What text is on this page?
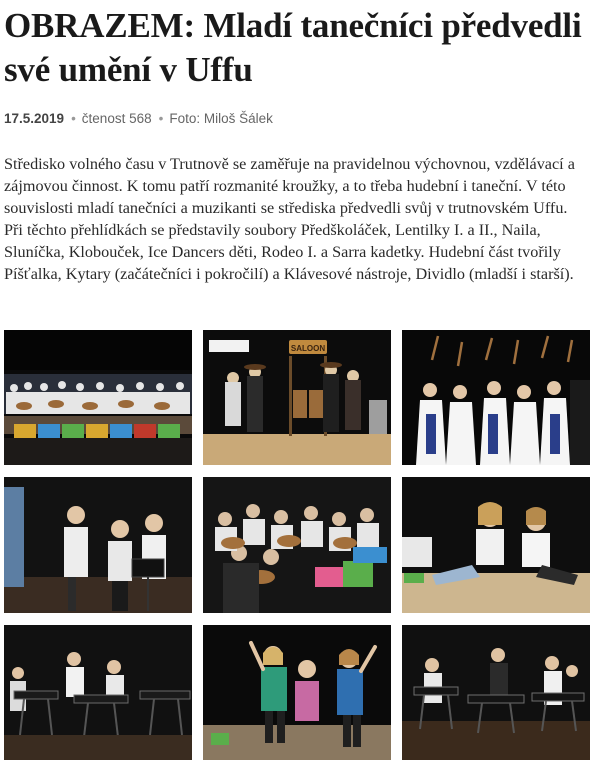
OBRAZEM: Mladí tanečníci předvedli své umění v Uffu
17.5.2019 • čtenost 568 • Foto: Miloš Šálek

Středisko volného času v Trutnově se zaměřuje na pravidelnou výchovnou, vzdělávací a zájmovou činnost. K tomu patří rozmanité kroužky, a to třeba hudební i taneční. V této souvislosti mladí tanečníci a muzikanti se střediska předvedli svůj v trutnovském Uffu. Při těchto přehlídkách se představily soubory Předškoláček, Lentilky I. a II., Naila, Sluníčka, Klobouček, Ice Dancers děti, Rodeo I. a Sarra kadetky. Hudební část tvořily Píšťalka, Kytary (začátečníci i pokročilí) a Klávesové nástroje, Dividlo (mladší i starší).

SALOON
